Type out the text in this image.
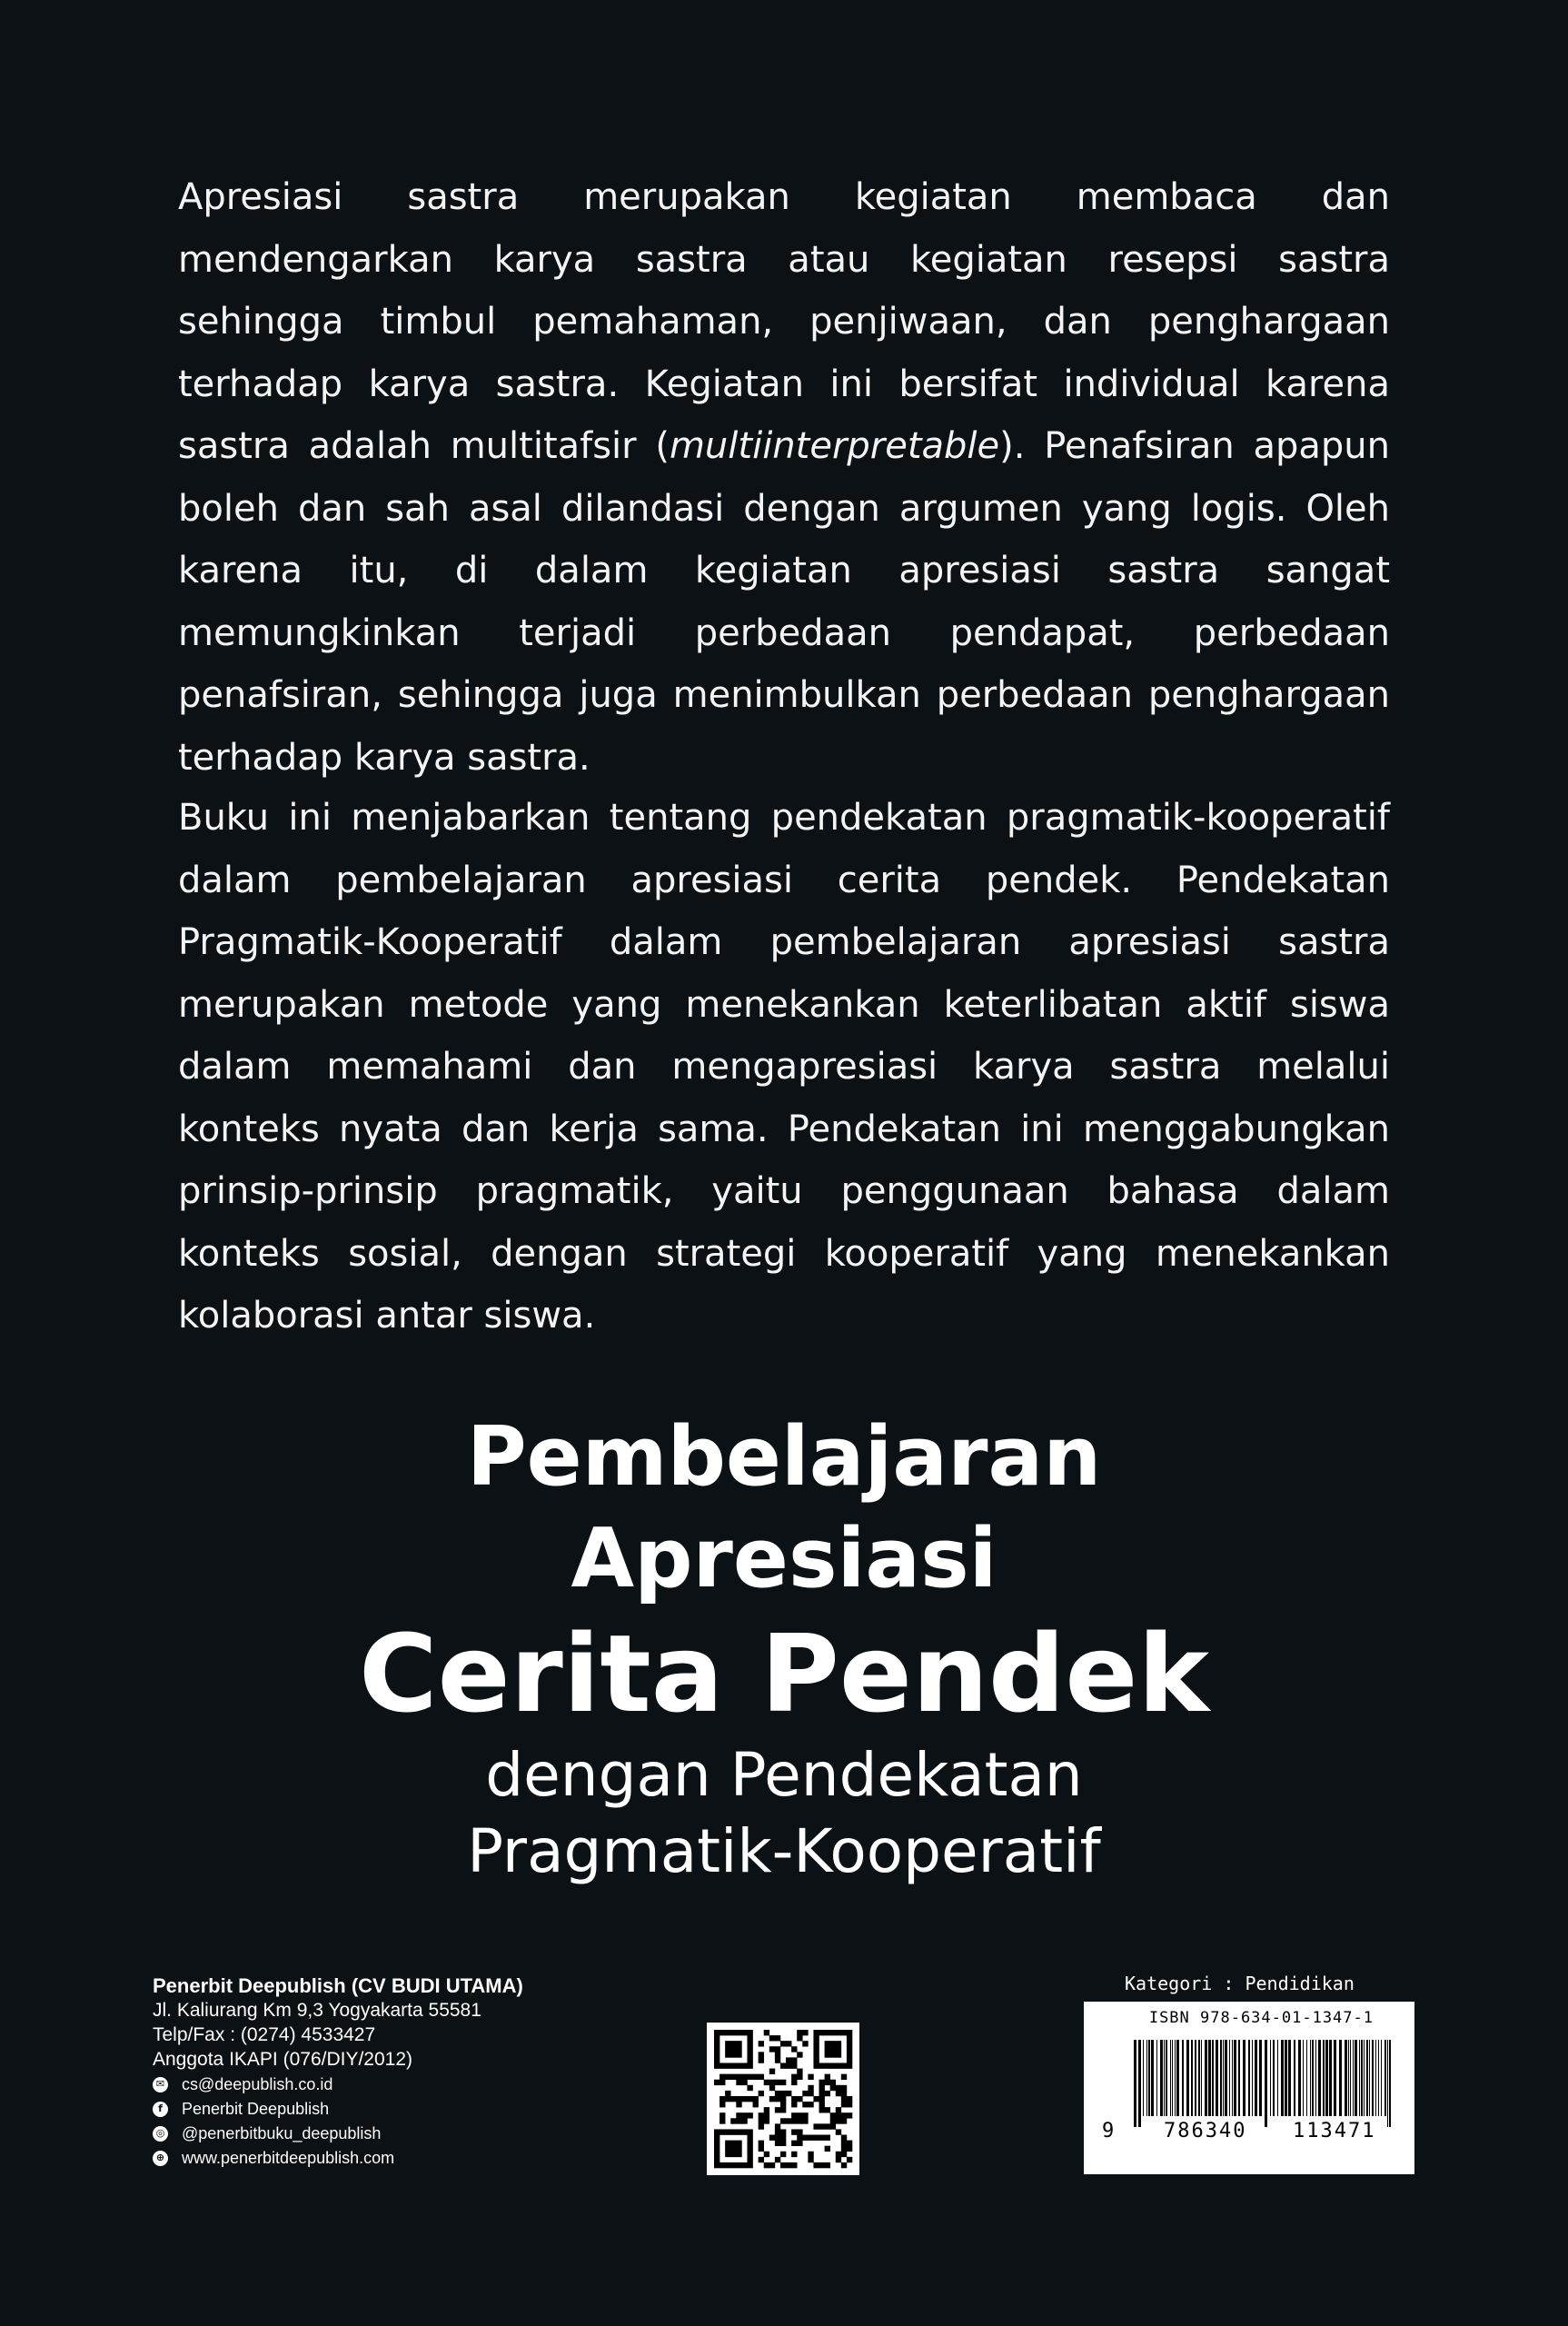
Apresiasi sastra merupakan kegiatan membaca dan mendengarkan karya sastra atau kegiatan resepsi sastra sehingga timbul pemahaman, penjiwaan, dan penghargaan terhadap karya sastra. Kegiatan ini bersifat individual karena sastra adalah multitafsir (multiinterpretable). Penafsiran apapun boleh dan sah asal dilandasi dengan argumen yang logis. Oleh karena itu, di dalam kegiatan apresiasi sastra sangat memungkinkan terjadi perbedaan pendapat, perbedaan penafsiran, sehingga juga menimbulkan perbedaan penghargaan terhadap karya sastra.

Buku ini menjabarkan tentang pendekatan pragmatik-kooperatif dalam pembelajaran apresiasi cerita pendek. Pendekatan Pragmatik-Kooperatif dalam pembelajaran apresiasi sastra merupakan metode yang menekankan keterlibatan aktif siswa dalam memahami dan mengapresiasi karya sastra melalui konteks nyata dan kerja sama. Pendekatan ini menggabungkan prinsip-prinsip pragmatik, yaitu penggunaan bahasa dalam konteks sosial, dengan strategi kooperatif yang menekankan kolaborasi antar siswa.

Pembelajaran
Apresiasi
Cerita Pendek
dengan Pendekatan
Pragmatik-Kooperatif
Penerbit Deepublish (CV BUDI UTAMA)
Jl. Kaliurang Km 9,3 Yogyakarta 55581
Telp/Fax : (0274) 4533427
Anggota IKAPI (076/DIY/2012)
✉ cs@deepublish.co.id
f	Penerbit Deepublish
◎ @penerbitbuku_deepublish
⊕ www.penerbitdeepublish.com
Kategori : Pendidikan
ISBN 978-634-01-1347-1
9 786340 113471
